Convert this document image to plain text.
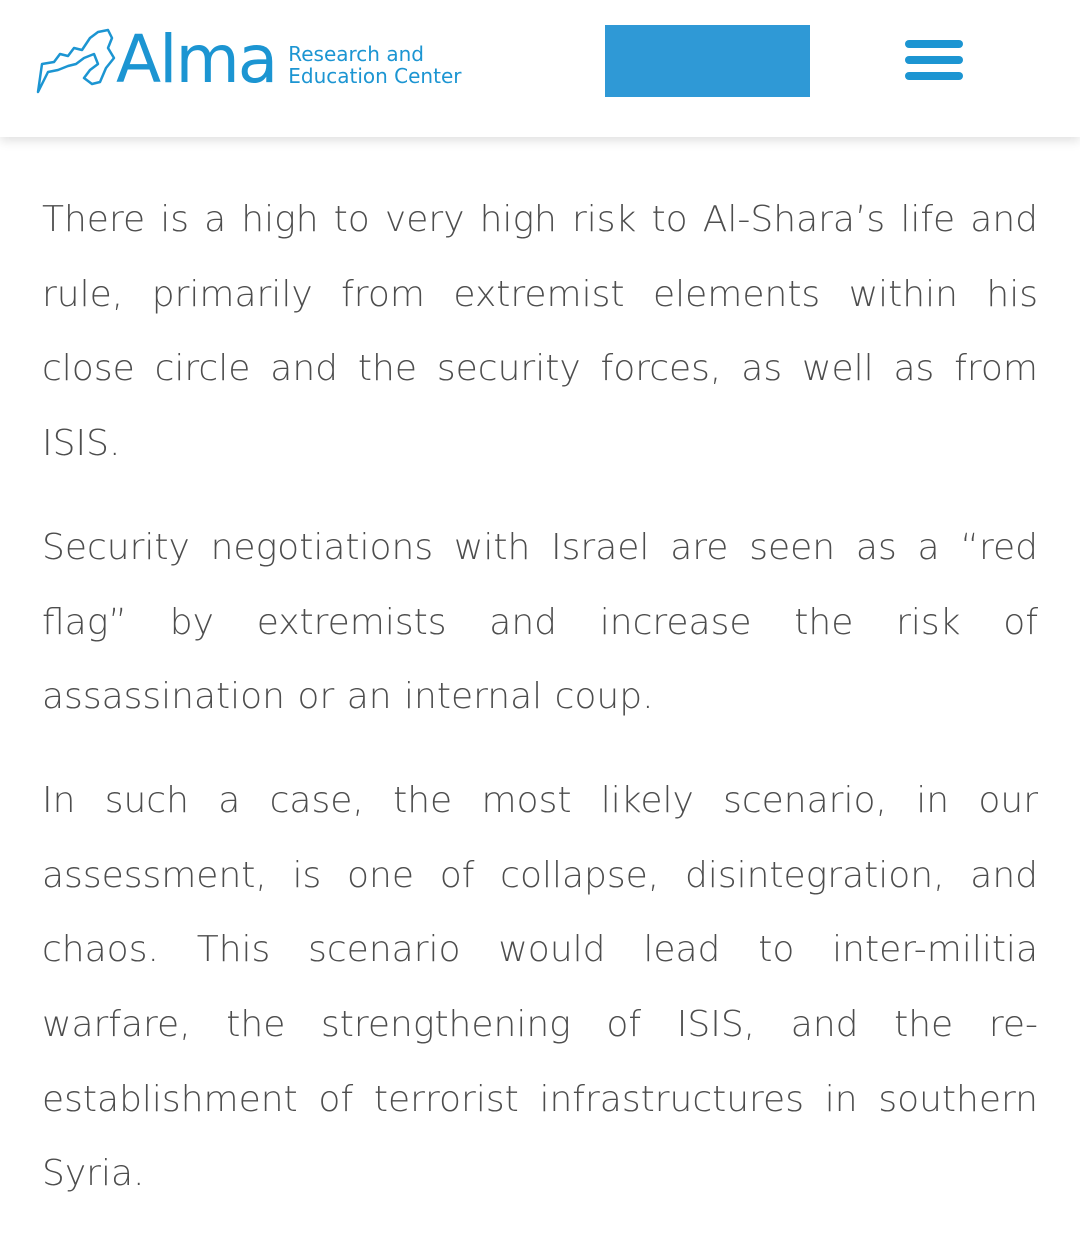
Alma Research and
Education Center

There is a high to very high risk to Al-Shara’s life and rule, primarily from extremist elements within his close circle and the security forces, as well as from ISIS.

Security negotiations with Israel are seen as a “red flag” by extremists and increase the risk of assassination or an internal coup.

In such a case, the most likely scenario, in our assessment, is one of collapse, disintegration, and chaos. This scenario would lead to inter-militia warfare, the strengthening of ISIS, and the re-establishment of terrorist infrastructures in southern Syria.
